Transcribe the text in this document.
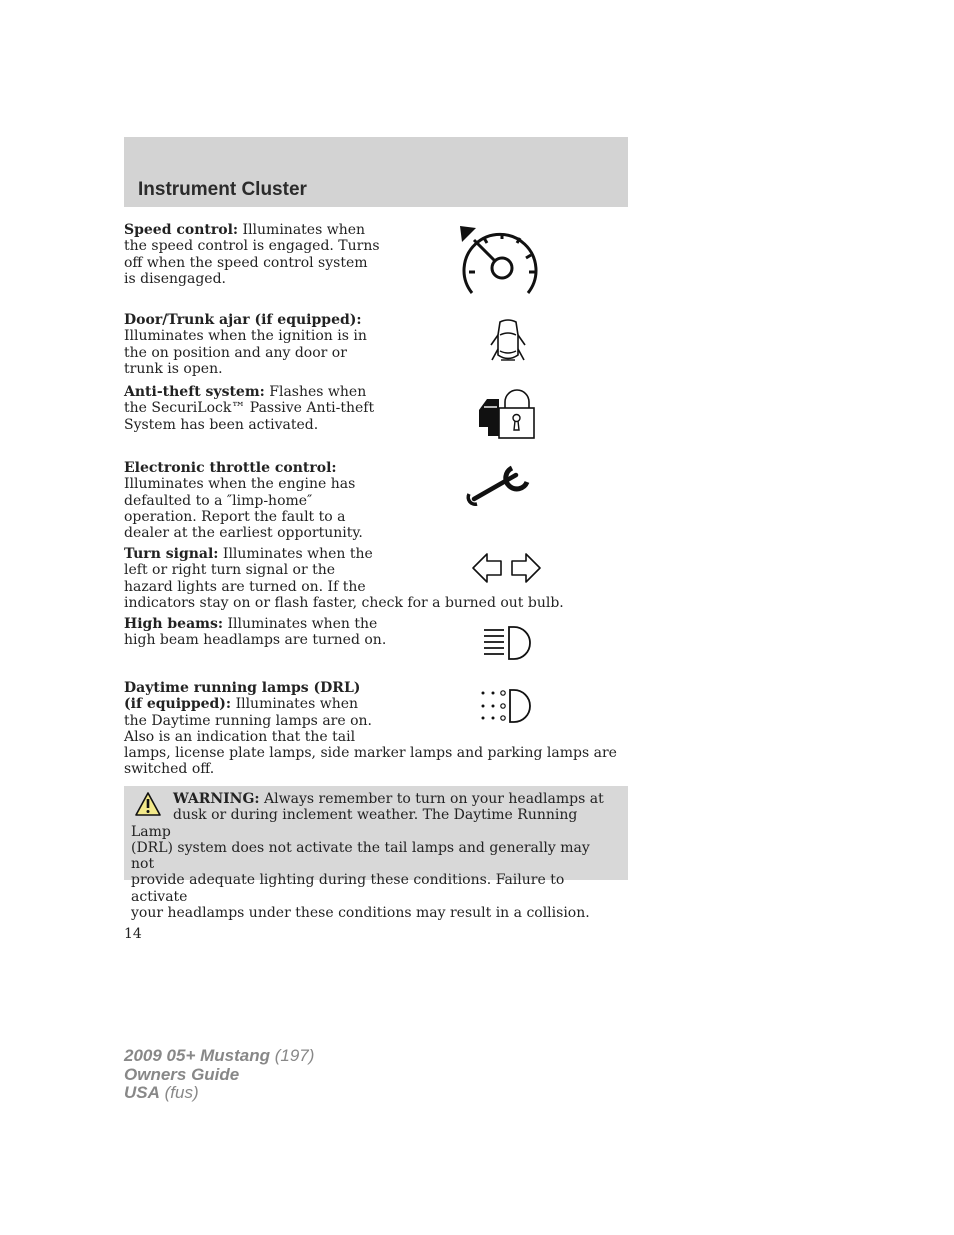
Instrument Cluster
Speed control: Illuminates when
the speed control is engaged. Turns
off when the speed control system
is disengaged.
Door/Trunk ajar (if equipped):
Illuminates when the ignition is in
the on position and any door or
trunk is open.
Anti-theft system: Flashes when
the SecuriLock™ Passive Anti-theft
System has been activated.
Electronic throttle control:
Illuminates when the engine has
defaulted to a ″limp-home″
operation. Report the fault to a
dealer at the earliest opportunity.
Turn signal: Illuminates when the
left or right turn signal or the
hazard lights are turned on. If the
indicators stay on or flash faster, check for a burned out bulb.
High beams: Illuminates when the
high beam headlamps are turned on.
Daytime running lamps (DRL)
(if equipped): Illuminates when
the Daytime running lamps are on.
Also is an indication that the tail
lamps, license plate lamps, side marker lamps and parking lamps are
switched off.
WARNING: Always remember to turn on your headlamps at
dusk or during inclement weather. The Daytime Running Lamp
(DRL) system does not activate the tail lamps and generally may not
provide adequate lighting during these conditions. Failure to activate
your headlamps under these conditions may result in a collision.
14
2009 05+ Mustang (197)
Owners Guide
USA (fus)
